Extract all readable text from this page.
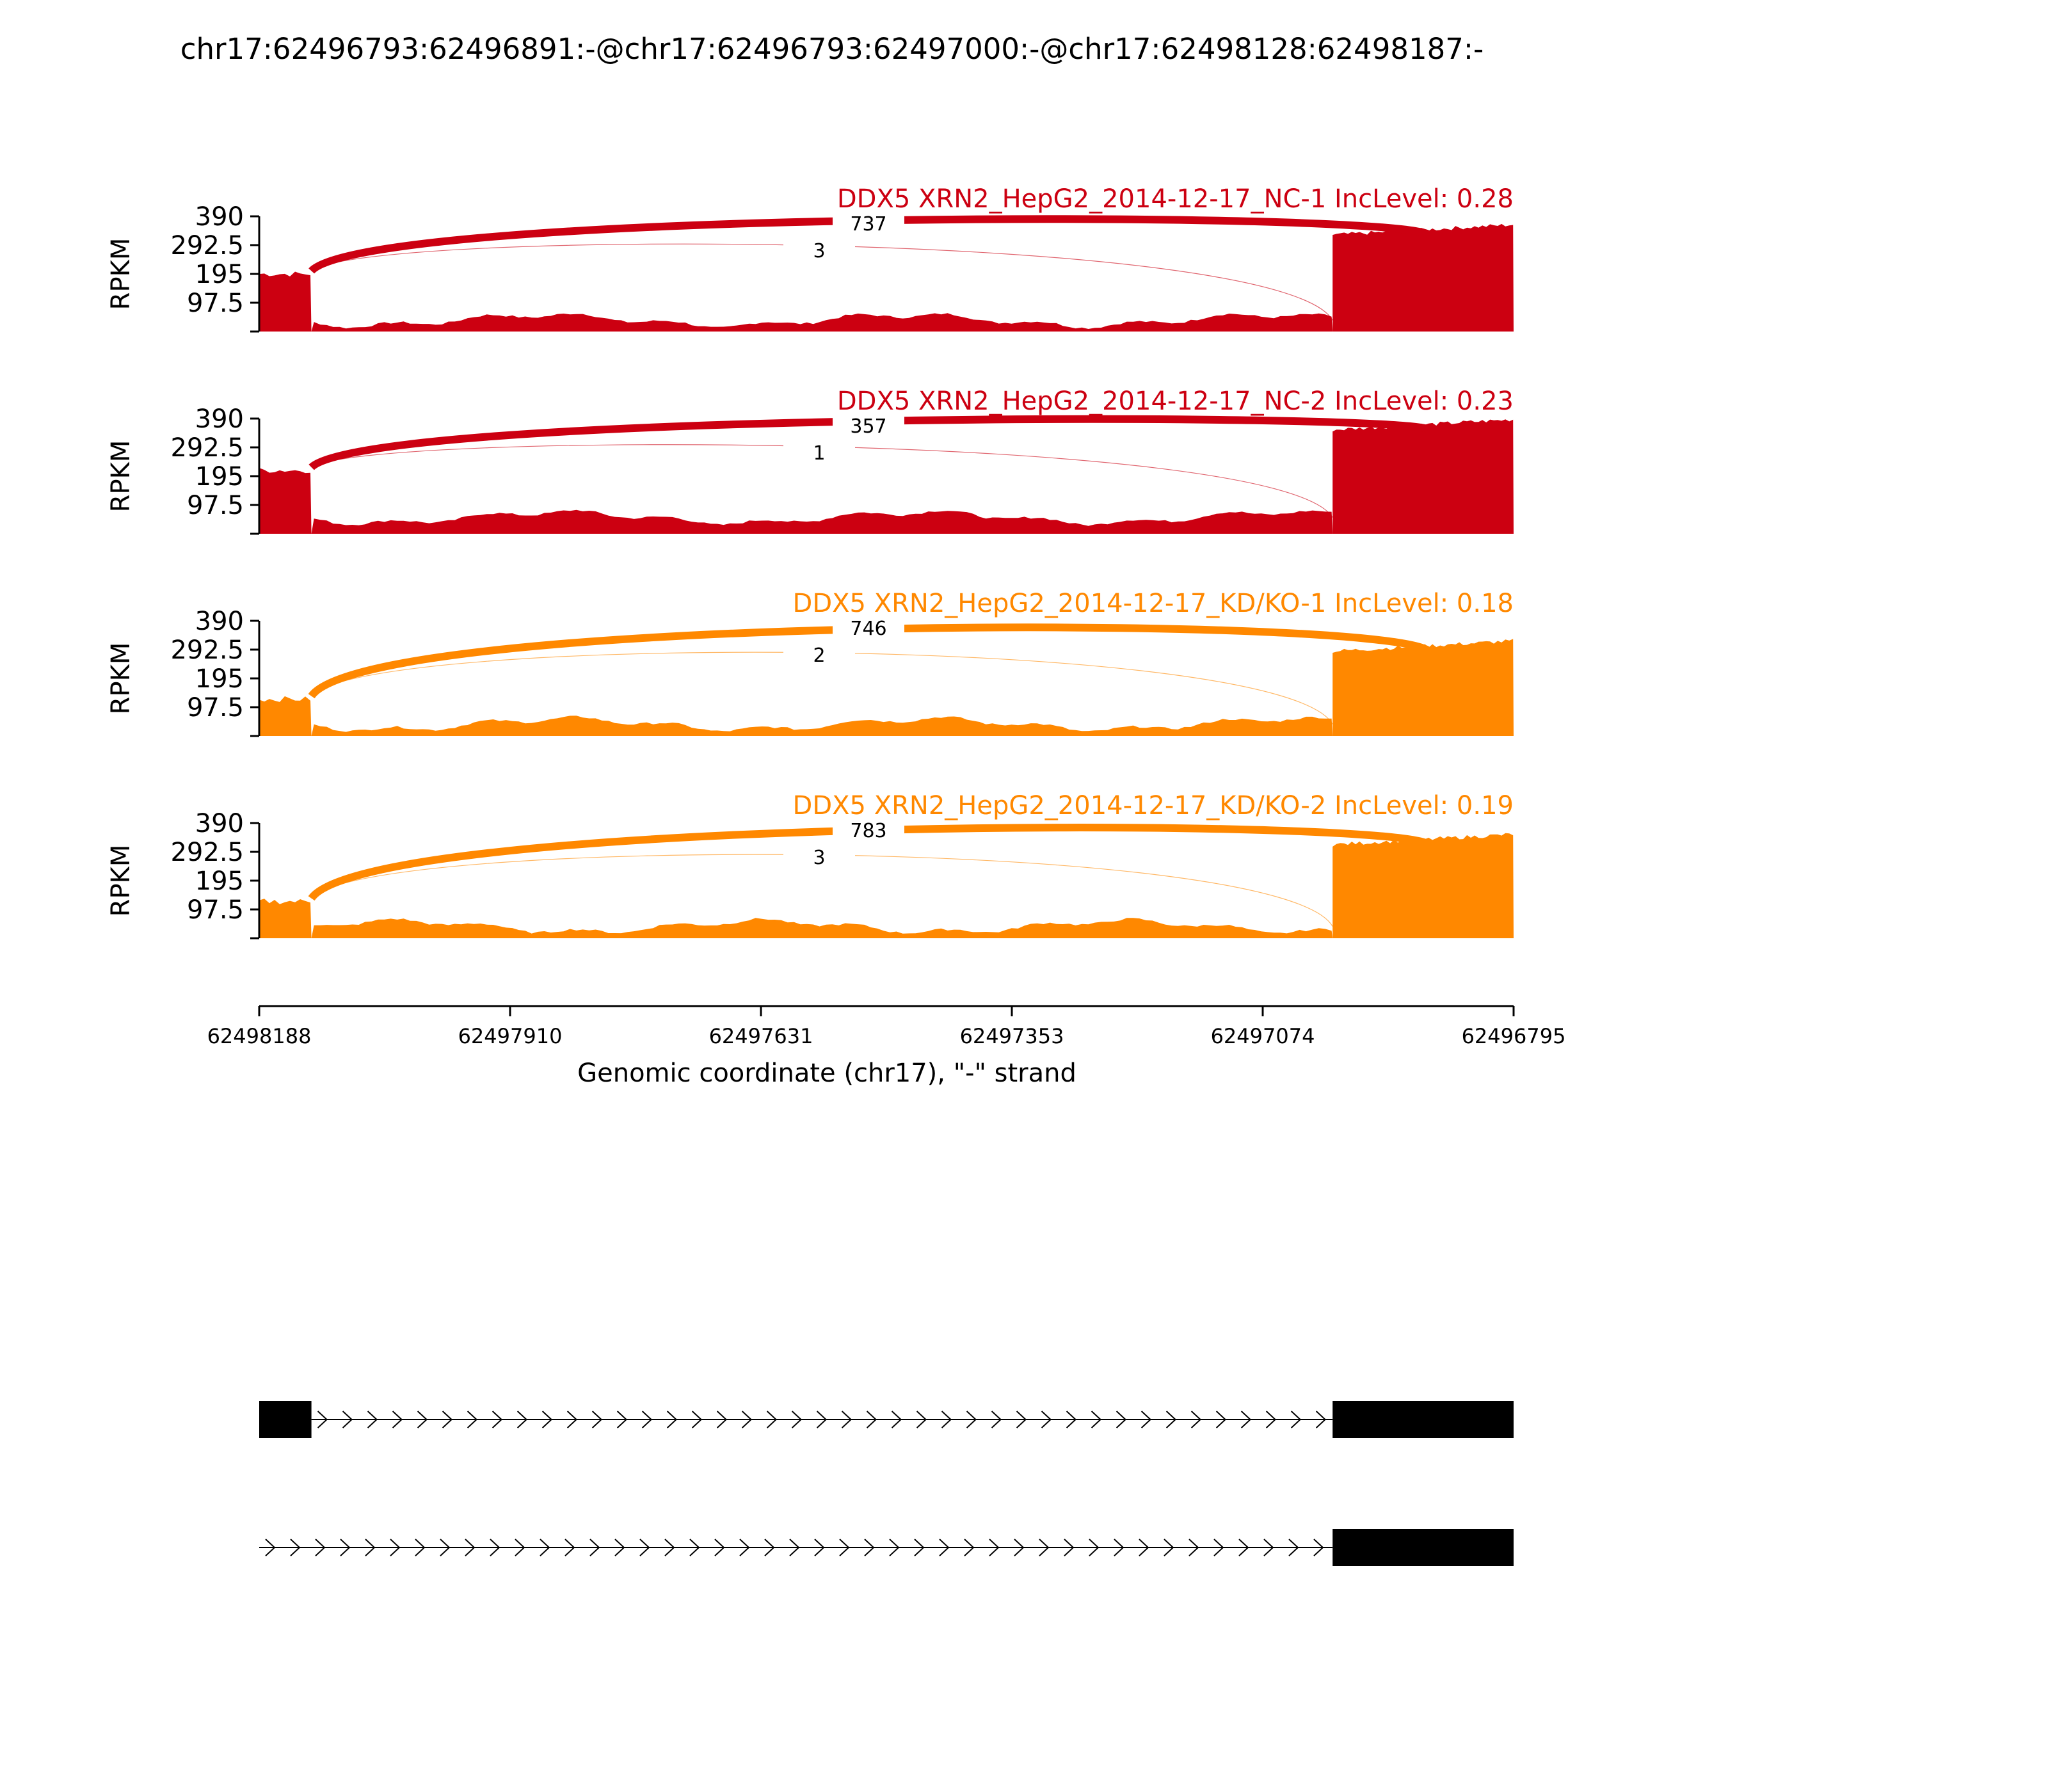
chr17:62496793:62496891:-@chr17:62496793:62497000:-@chr17:62498128:62498187:-
737
3
390
292.5
195
97.5
RPKM
DDX5 XRN2_HepG2_2014-12-17_NC-1 IncLevel: 0.28
357
1
390
292.5
195
97.5
RPKM
DDX5 XRN2_HepG2_2014-12-17_NC-2 IncLevel: 0.23
746
2
390
292.5
195
97.5
RPKM
DDX5 XRN2_HepG2_2014-12-17_KD/KO-1 IncLevel: 0.18
783
3
390
292.5
195
97.5
RPKM
DDX5 XRN2_HepG2_2014-12-17_KD/KO-2 IncLevel: 0.19
62498188	62497910	62497631	62497353	62497074	62496795
Genomic coordinate (chr17), "-" strand
